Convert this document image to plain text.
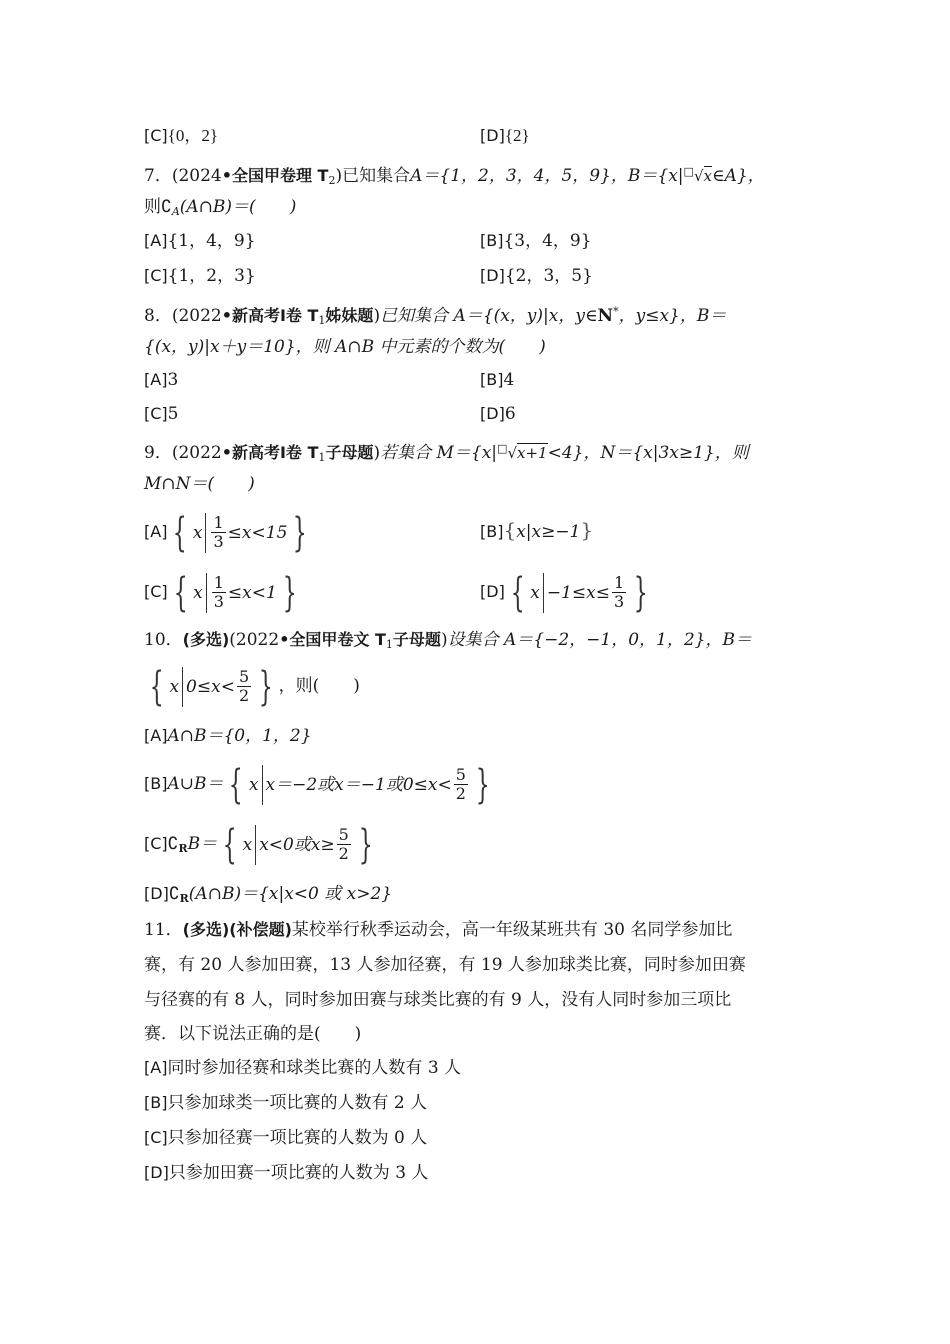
[C]{0，2}	[D]{2}
7．(2024•全国甲卷理 $T_2$)已知集合A＝{1，2，3，4，5，9}，B＝{x|□√x∈A}，
则$∁_A(A\cap B)=$(　　)
[A]{1，4，9}	[B]{3，4，9}
[C]{1，2，3}	[D]{2，3，5}
8．(2022•新高考Ⅰ卷 $T_1$姊妹题)已知集合 A＝{(x，y)|x，y∈N*，y≤x}，B＝
{(x，y)|x＋y＝10}，则 A∩B 中元素的个数为(　　)
[A]3	[B]4
[C]5	[D]6
9．(2022•新高考Ⅰ卷 $T_1$子母题)若集合 M＝{x|□√x+1<4}，N＝{x|3x≥1}，则
M∩N＝(　　)
[A] { x $\frac{1}{3} \le x<15$ }	[B]{x|x≥−1}
[C] { x $\frac{1}{3} \le x<1$ }	[D] { $x -1\le x\le \frac{1}{3}$ }
10．(多选)(2022•全国甲卷文 $T_1$子母题)设集合 A＝{−2，−1，0，1，2}，B＝
{ x $0\le x< \frac{5}{2}$ } ，则(　　)
[A]A∩B＝{0，1，2}
[B]A∪B＝ { x x＝−2或x＝−1或$0\le x< \frac{5}{2}$ }
$[C]∁_RB=$ { x x<0或$x\ge \frac{5}{2}$ }
$[D]∁_R(A\cap B)=\{x|x<0$ 或 x>2}
11．(多选)(补偿题)某校举行秋季运动会，高一年级某班共有 30 名同学参加比
赛，有 20 人参加田赛，13 人参加径赛，有 19 人参加球类比赛，同时参加田赛
与径赛的有 8 人，同时参加田赛与球类比赛的有 9 人，没有人同时参加三项比
赛．以下说法正确的是(　　)
[A]同时参加径赛和球类比赛的人数有 3 人
[B]只参加球类一项比赛的人数有 2 人
[C]只参加径赛一项比赛的人数为 0 人
[D]只参加田赛一项比赛的人数为 3 人
